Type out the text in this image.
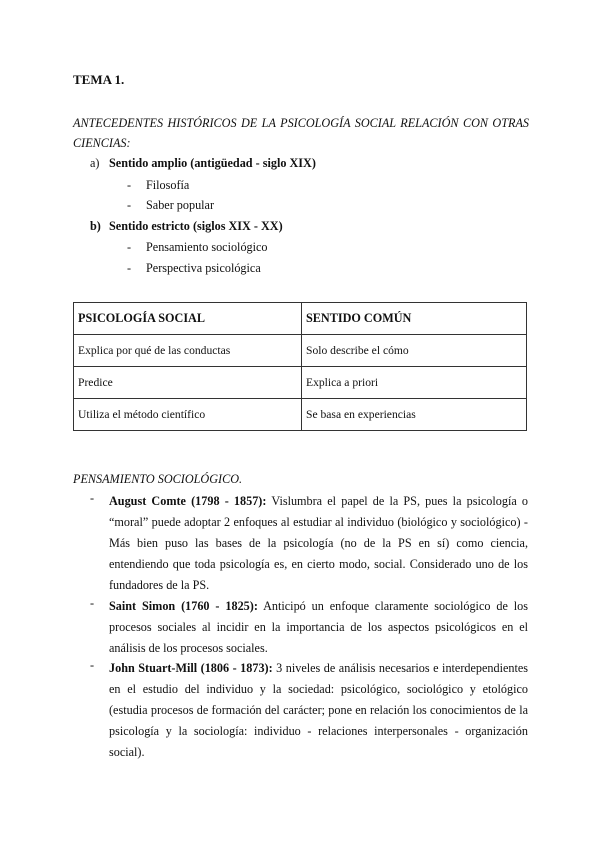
TEMA 1.
ANTECEDENTES HISTÓRICOS DE LA PSICOLOGÍA SOCIAL RELACIÓN CON OTRAS CIENCIAS:
a) Sentido amplio (antigüedad - siglo XIX)
- Filosofía
- Saber popular
b) Sentido estricto (siglos XIX - XX)
- Pensamiento sociológico
- Perspectiva psicológica
PSICOLOGÍA SOCIAL	SENTIDO COMÚN
Explica por qué de las conductas	Solo describe el cómo
Predice	Explica a priori
Utiliza el método científico	Se basa en experiencias
PENSAMIENTO SOCIOLÓGICO.
- August Comte (1798 - 1857): Vislumbra el papel de la PS, pues la psicología o “moral” puede adoptar 2 enfoques al estudiar al individuo (biológico y sociológico) - Más bien puso las bases de la psicología (no de la PS en sí) como ciencia, entendiendo que toda psicología es, en cierto modo, social. Considerado uno de los fundadores de la PS.
- Saint Simon (1760 - 1825): Anticipó un enfoque claramente sociológico de los procesos sociales al incidir en la importancia de los aspectos psicológicos en el análisis de los procesos sociales.
- John Stuart-Mill (1806 - 1873): 3 niveles de análisis necesarios e interdependientes en el estudio del individuo y la sociedad: psicológico, sociológico y etológico (estudia procesos de formación del carácter; pone en relación los conocimientos de la psicología y la sociología: individuo - relaciones interpersonales - organización social).
